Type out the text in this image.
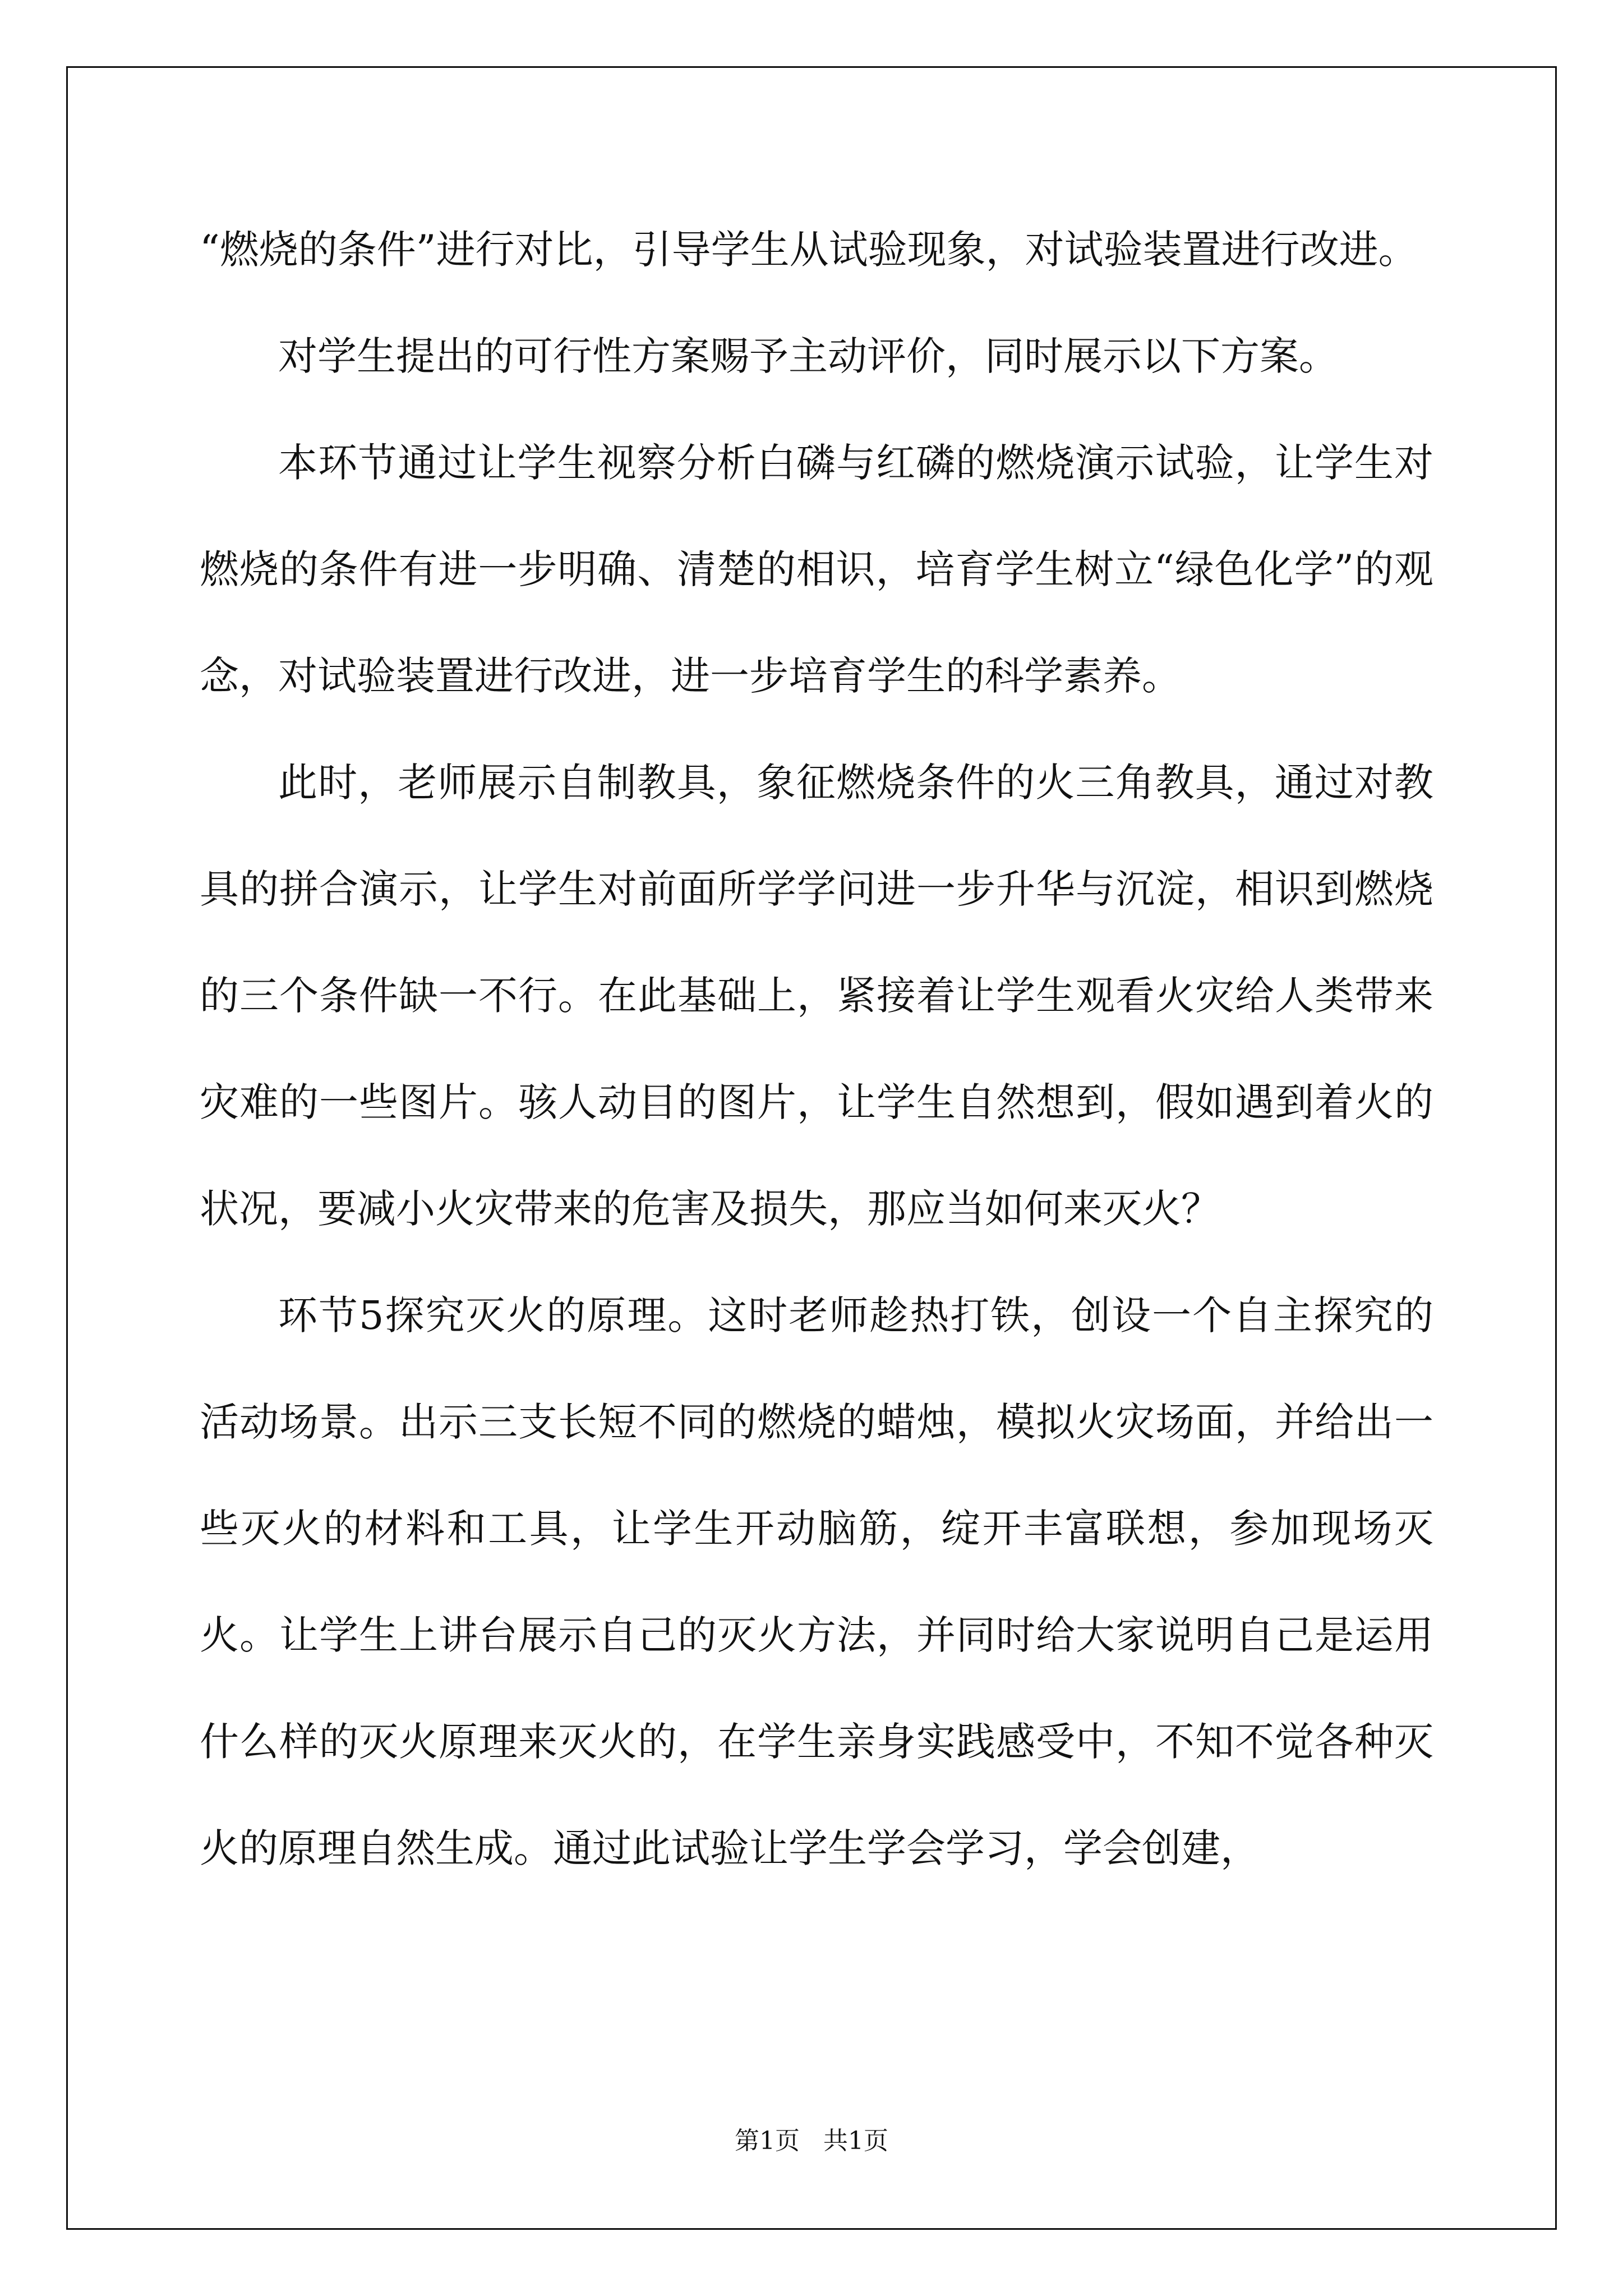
“燃烧的条件”进行对比，引导学生从试验现象，对试验装置进行改进。

对学生提出的可行性方案赐予主动评价，同时展示以下方案。

本环节通过让学生视察分析白磷与红磷的燃烧演示试验，让学生对燃烧的条件有进一步明确、清楚的相识，培育学生树立“绿色化学”的观念，对试验装置进行改进，进一步培育学生的科学素养。

此时，老师展示自制教具，象征燃烧条件的火三角教具，通过对教具的拼合演示，让学生对前面所学学问进一步升华与沉淀，相识到燃烧的三个条件缺一不行。在此基础上，紧接着让学生观看火灾给人类带来灾难的一些图片。骇人动目的图片，让学生自然想到，假如遇到着火的状况，要减小火灾带来的危害及损失，那应当如何来灭火？

环节5探究灭火的原理。这时老师趁热打铁，创设一个自主探究的活动场景。出示三支长短不同的燃烧的蜡烛，模拟火灾场面，并给出一些灭火的材料和工具，让学生开动脑筋，绽开丰富联想，参加现场灭火。让学生上讲台展示自己的灭火方法，并同时给大家说明自己是运用什么样的灭火原理来灭火的，在学生亲身实践感受中，不知不觉各种灭火的原理自然生成。通过此试验让学生学会学习，学会创建，

第1页   共1页
